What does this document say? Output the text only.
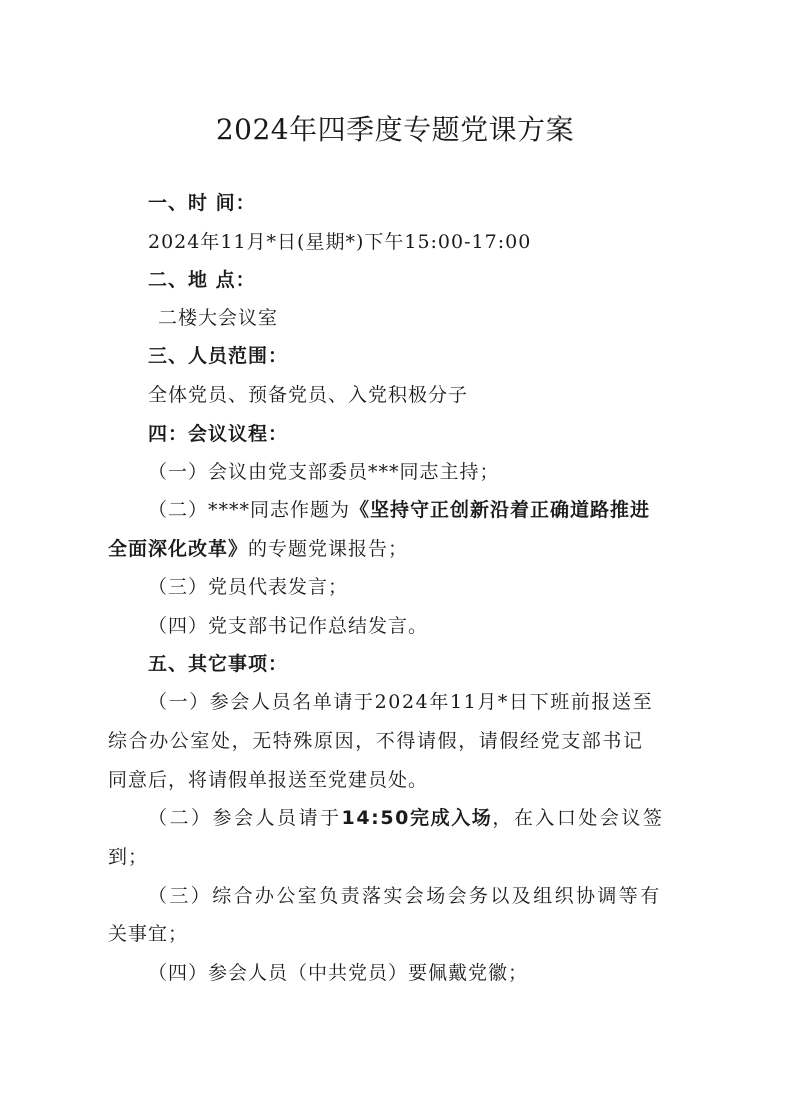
2024年四季度专题党课方案
一、时 间：
2024年11月*日(星期*)下午15:00-17:00
二、地 点：
二楼大会议室
三、人员范围：
全体党员、预备党员、入党积极分子
四：会议议程：
（一）会议由党支部委员***同志主持；
（二）****同志作题为《坚持守正创新沿着正确道路推进
全面深化改革》的专题党课报告；
（三）党员代表发言；
（四）党支部书记作总结发言。
五、其它事项：
（一）参会人员名单请于2024年11月*日下班前报送至
综合办公室处，无特殊原因，不得请假，请假经党支部书记
同意后，将请假单报送至党建员处。
（二）参会人员请于14:50完成入场，在入口处会议签
到；
（三）综合办公室负责落实会场会务以及组织协调等有
关事宜；
（四）参会人员（中共党员）要佩戴党徽；
